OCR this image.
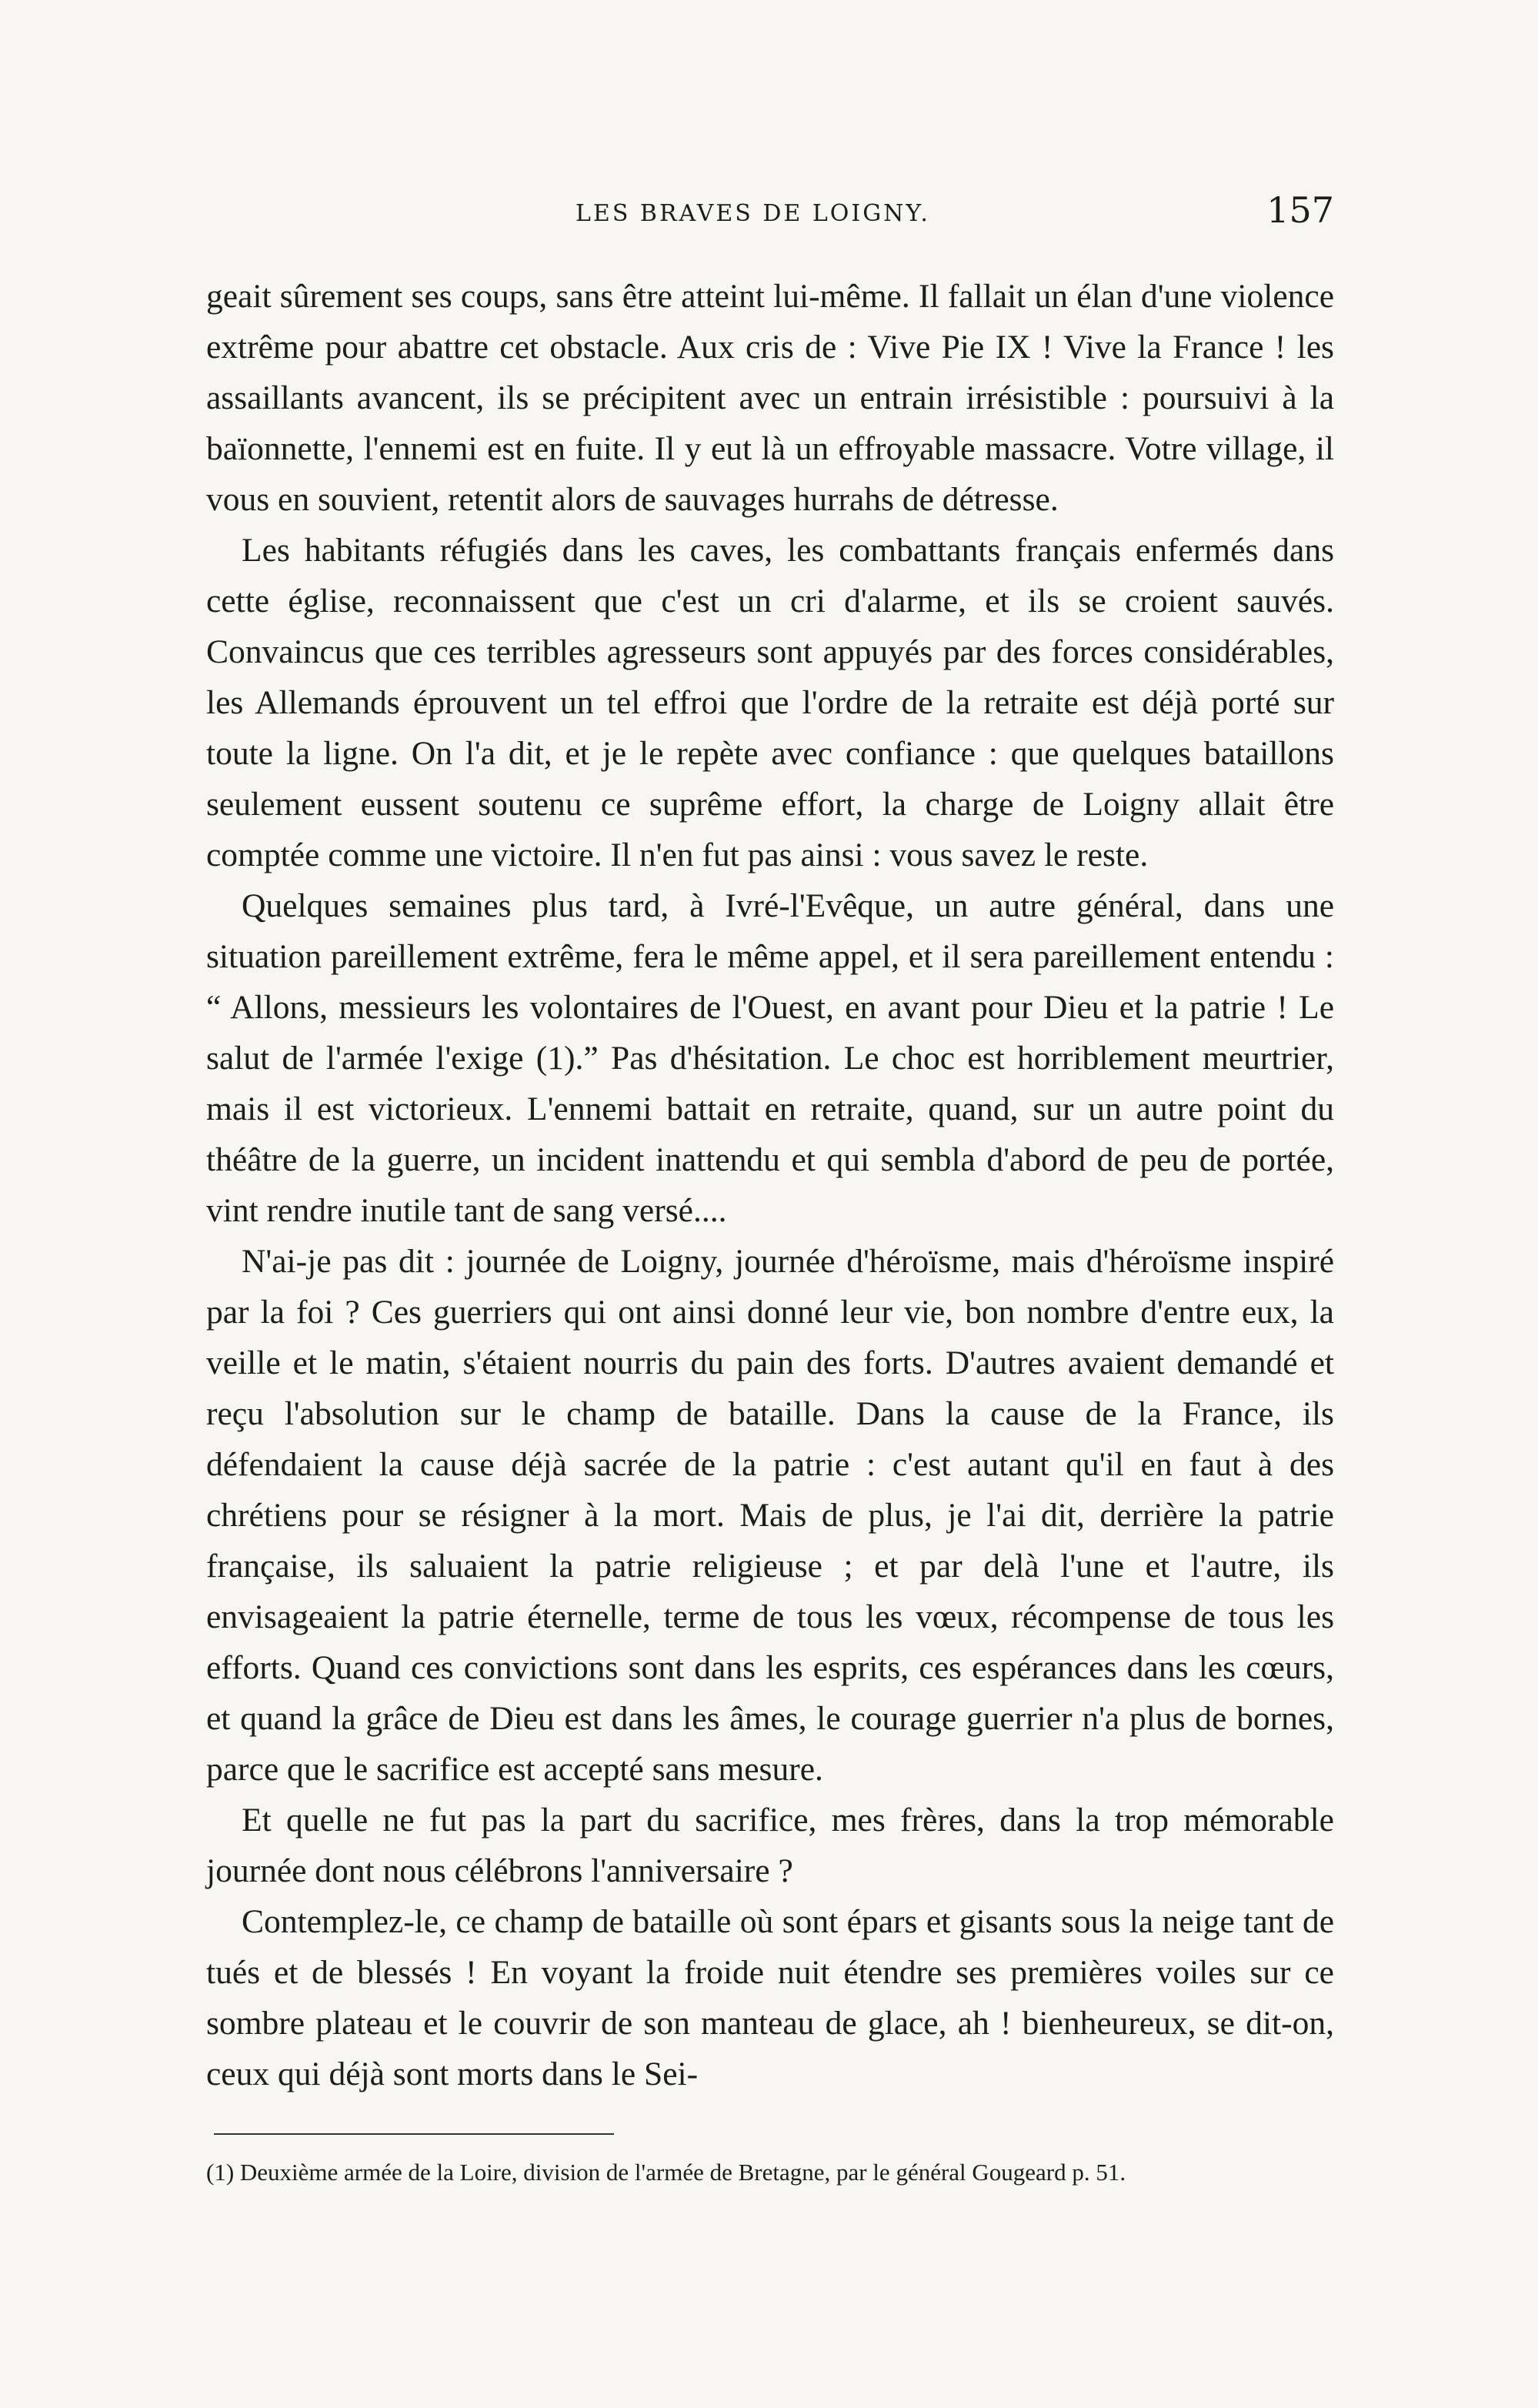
LES BRAVES DE LOIGNY.	157

geait sûrement ses coups, sans être atteint lui-même. Il fallait un élan d'une violence extrême pour abattre cet obstacle. Aux cris de : Vive Pie IX ! Vive la France ! les assaillants avancent, ils se précipitent avec un entrain irrésistible : poursuivi à la baïonnette, l'ennemi est en fuite. Il y eut là un effroyable massacre. Votre village, il vous en souvient, retentit alors de sauvages hurrahs de détresse.

Les habitants réfugiés dans les caves, les combattants français enfermés dans cette église, reconnaissent que c'est un cri d'alarme, et ils se croient sauvés. Convaincus que ces terribles agresseurs sont appuyés par des forces considérables, les Allemands éprouvent un tel effroi que l'ordre de la retraite est déjà porté sur toute la ligne. On l'a dit, et je le repète avec confiance : que quelques bataillons seulement eussent soutenu ce suprême effort, la charge de Loigny allait être comptée comme une victoire. Il n'en fut pas ainsi : vous savez le reste.

Quelques semaines plus tard, à Ivré-l'Evêque, un autre général, dans une situation pareillement extrême, fera le même appel, et il sera pareillement entendu : “ Allons, messieurs les volontaires de l'Ouest, en avant pour Dieu et la patrie ! Le salut de l'armée l'exige (1).” Pas d'hésitation. Le choc est horriblement meurtrier, mais il est victorieux. L'ennemi battait en retraite, quand, sur un autre point du théâtre de la guerre, un incident inattendu et qui sembla d'abord de peu de portée, vint rendre inutile tant de sang versé....

N'ai-je pas dit : journée de Loigny, journée d'héroïsme, mais d'héroïsme inspiré par la foi ? Ces guerriers qui ont ainsi donné leur vie, bon nombre d'entre eux, la veille et le matin, s'étaient nourris du pain des forts. D'autres avaient demandé et reçu l'absolution sur le champ de bataille. Dans la cause de la France, ils défendaient la cause déjà sacrée de la patrie : c'est autant qu'il en faut à des chrétiens pour se résigner à la mort. Mais de plus, je l'ai dit, derrière la patrie française, ils saluaient la patrie religieuse ; et par delà l'une et l'autre, ils envisageaient la patrie éternelle, terme de tous les vœux, récompense de tous les efforts. Quand ces convictions sont dans les esprits, ces espérances dans les cœurs, et quand la grâce de Dieu est dans les âmes, le courage guerrier n'a plus de bornes, parce que le sacrifice est accepté sans mesure.

Et quelle ne fut pas la part du sacrifice, mes frères, dans la trop mémorable journée dont nous célébrons l'anniversaire ?

Contemplez-le, ce champ de bataille où sont épars et gisants sous la neige tant de tués et de blessés ! En voyant la froide nuit étendre ses premières voiles sur ce sombre plateau et le couvrir de son manteau de glace, ah ! bienheureux, se dit-on, ceux qui déjà sont morts dans le Sei-

(1) Deuxième armée de la Loire, division de l'armée de Bretagne, par le général Gougeard p. 51.
